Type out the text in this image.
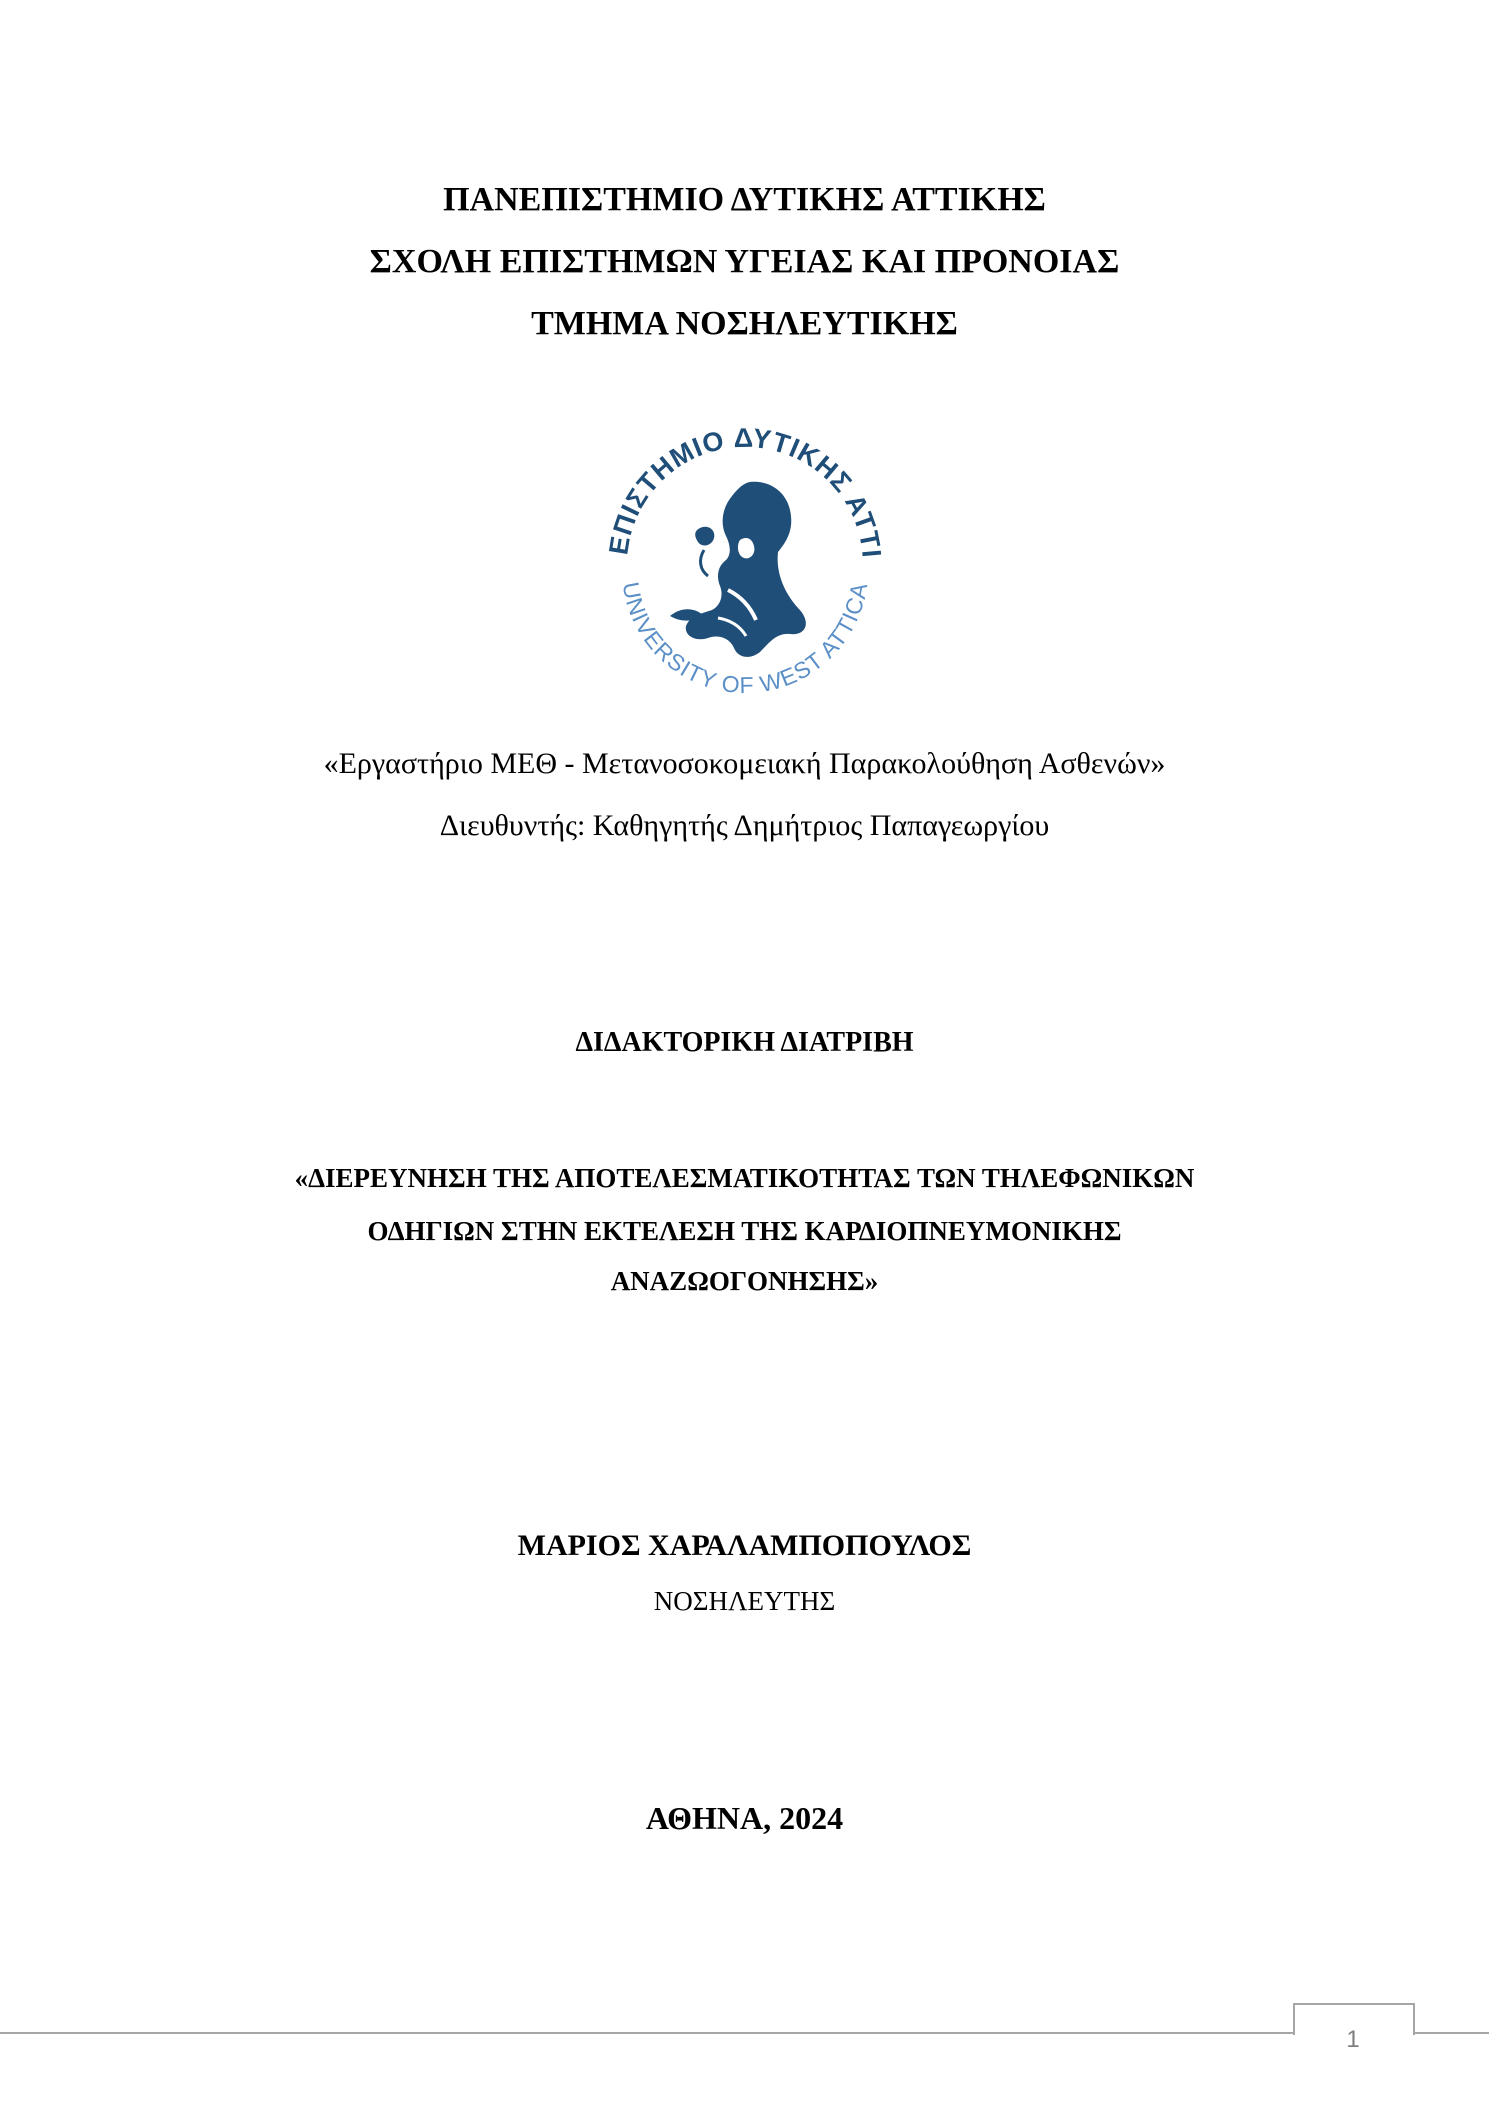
ΠΑΝΕΠΙΣΤΗΜΙΟ ΔΥΤΙΚΗΣ ΑΤΤΙΚΗΣ
ΣΧΟΛΗ ΕΠΙΣΤΗΜΩΝ ΥΓΕΙΑΣ ΚΑΙ ΠΡΟΝΟΙΑΣ
ΤΜΗΜΑ ΝΟΣΗΛΕΥΤΙΚΗΣ
ΕΠΙΣΤΗΜΙΟ ΔΥΤΙΚΗΣ ΑΤΤΙ
UNIVERSITY OF WEST ATTICA
«Εργαστήριο ΜΕΘ - Μετανοσοκομειακή Παρακολούθηση Ασθενών»
Διευθυντής: Καθηγητής Δημήτριος Παπαγεωργίου
ΔΙΔΑΚΤΟΡΙΚΗ ΔΙΑΤΡΙΒΗ
«ΔΙΕΡΕΥΝΗΣΗ ΤΗΣ ΑΠΟΤΕΛΕΣΜΑΤΙΚΟΤΗΤΑΣ ΤΩΝ ΤΗΛΕΦΩΝΙΚΩΝ
ΟΔΗΓΙΩΝ ΣΤΗΝ ΕΚΤΕΛΕΣΗ ΤΗΣ ΚΑΡΔΙΟΠΝΕΥΜΟΝΙΚΗΣ
ΑΝΑΖΩΟΓΟΝΗΣΗΣ»
ΜΑΡΙΟΣ ΧΑΡΑΛΑΜΠΟΠΟΥΛΟΣ
ΝΟΣΗΛΕΥΤΗΣ
ΑΘΗΝΑ, 2024
1
